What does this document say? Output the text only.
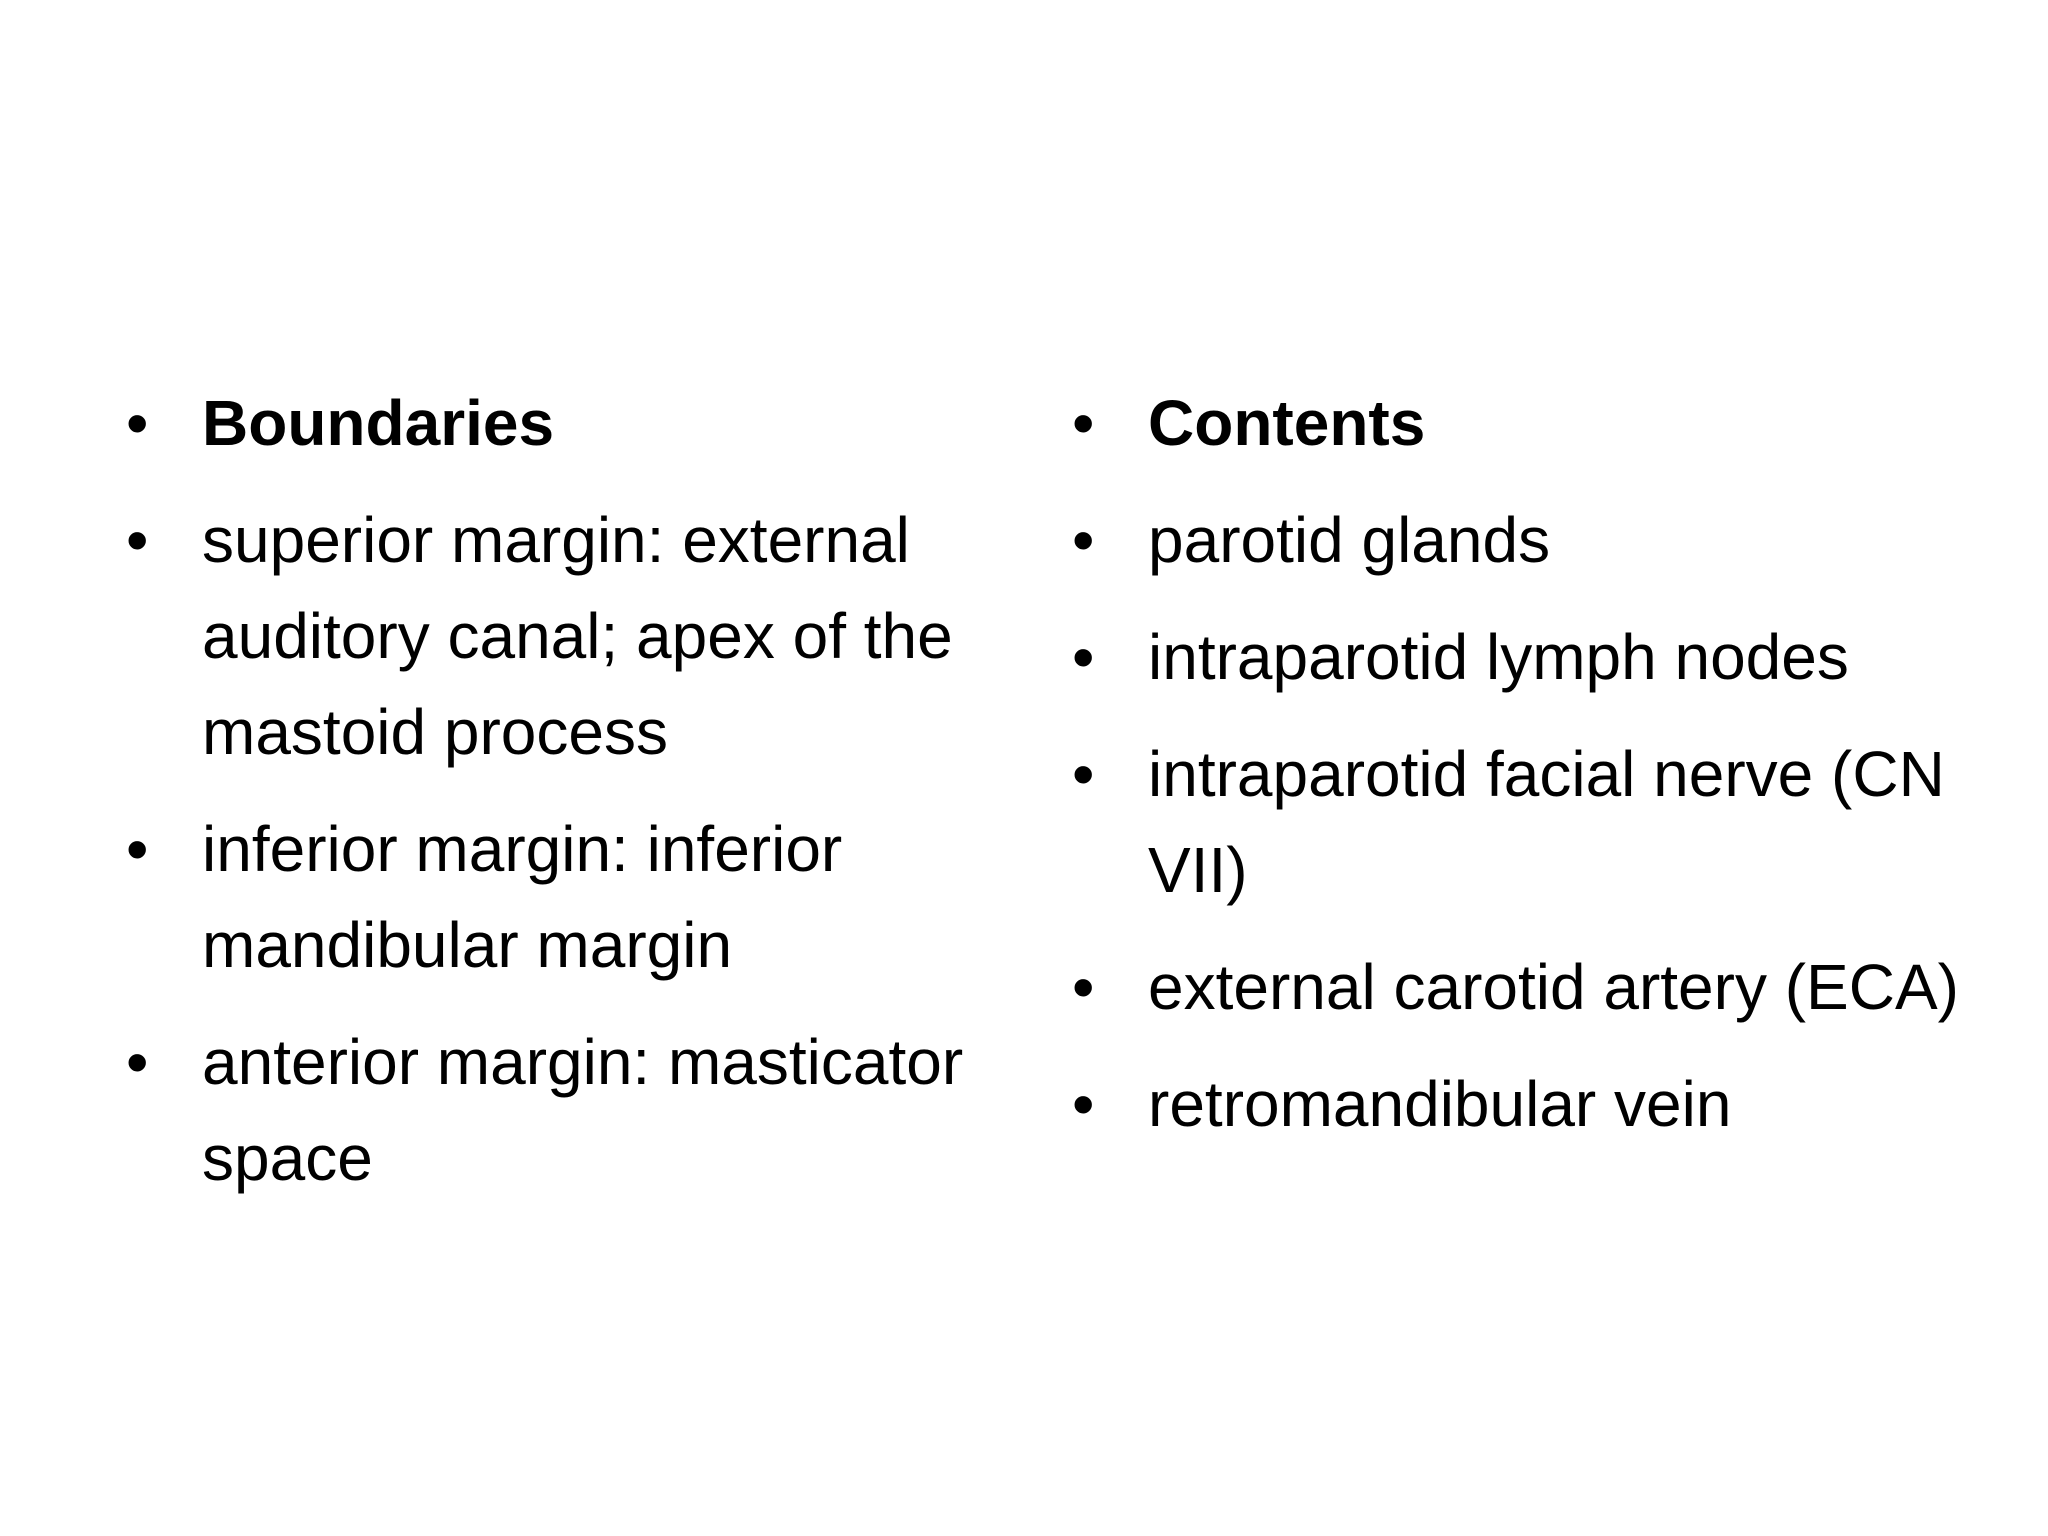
• Boundaries
• superior margin: external auditory canal; apex of the mastoid process
• inferior margin: inferior mandibular margin
• anterior margin: masticator space
• Contents
• parotid glands
• intraparotid lymph nodes
• intraparotid facial nerve (CN VII)
• external carotid artery (ECA)
• retromandibular vein
